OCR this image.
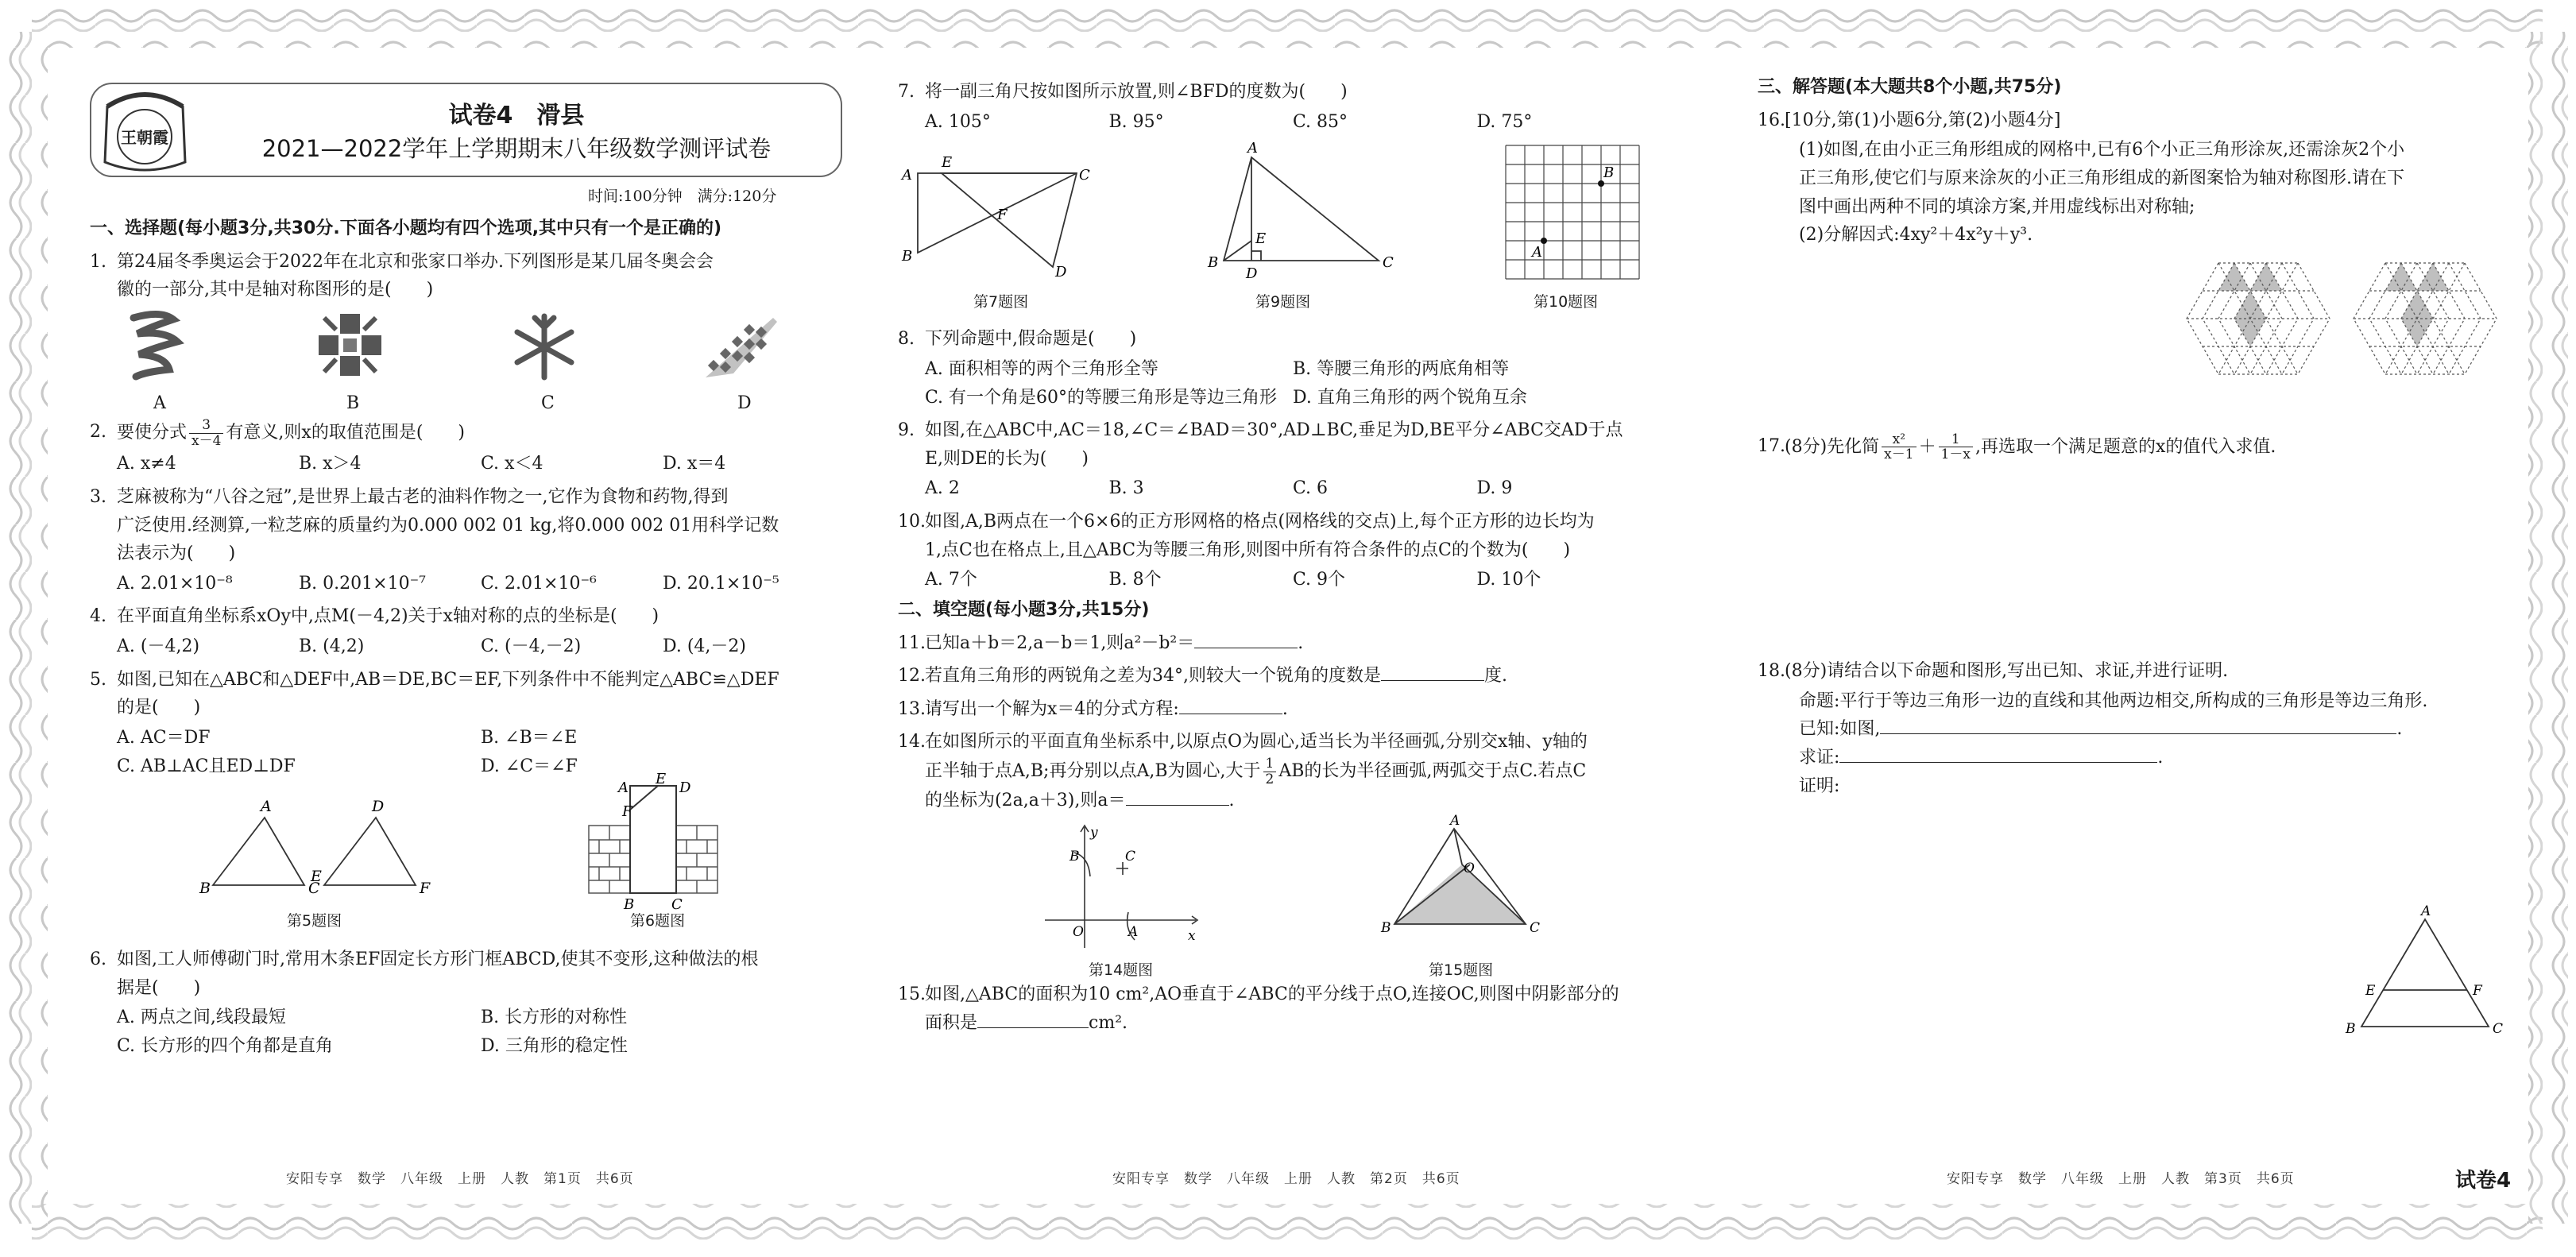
王朝霞
试卷4　滑县
2021—2022学年上学期期末八年级数学测评试卷
时间:100分钟　满分:120分

一、选择题(每小题3分,共30分.下面各小题均有四个选项,其中只有一个是正确的)

1. 第24届冬季奥运会于2022年在北京和张家口举办.下列图形是某几届冬奥会会

徽的一部分,其中是轴对称图形的是(　　)

A	B	C	D
2. 要使分式 $\frac{3}{x-4}$ 有意义,则x的取值范围是(　　)

A. x≠4	B. x＞4	C. x＜4	D. x＝4
3. 芝麻被称为“八谷之冠”,是世界上最古老的油料作物之一,它作为食物和药物,得到

广泛使用.经测算,一粒芝麻的质量约为0.000 002 01 kg,将0.000 002 01用科学记数

法表示为(　　)

A. 2.01×10⁻⁸	B. 0.201×10⁻⁷	C. 2.01×10⁻⁶	D. 20.1×10⁻⁵
4. 在平面直角坐标系xOy中,点M(－4,2)关于x轴对称的点的坐标是(　　)

A. (－4,2)	B. (4,2)	C. (－4,－2)	D. (4,－2)
5. 如图,已知在△ABC和△DEF中,AB＝DE,BC＝EF,下列条件中不能判定△ABC≌△DEF

的是(　　)

A. AC＝DF	B. ∠B＝∠E
C. AB⊥AC且ED⊥DF	D. ∠C＝∠F
A
B	C
D
E
F
第5题图
F
E
A	D
B	C
第6题图
6. 如图,工人师傅砌门时,常用木条EF固定长方形门框ABCD,使其不变形,这种做法的根

据是(　　)

A. 两点之间,线段最短	B. 长方形的对称性
C. 长方形的四个角都是直角	D. 三角形的稳定性
7. 将一副三角尺按如图所示放置,则∠BFD的度数为(　　)

A. 105°	B. 95°	C. 85°	D. 75°
A
E
C
F
B
D
第7题图
A
E
B
D
C
第9题图
B
A
第10题图
8. 下列命题中,假命题是(　　)

A. 面积相等的两个三角形全等	B. 等腰三角形的两底角相等
C. 有一个角是60°的等腰三角形是等边三角形 D. 直角三角形的两个锐角互余
9. 如图,在△ABC中,AC＝18,∠C＝∠BAD＝30°,AD⊥BC,垂足为D,BE平分∠ABC交AD于点

E,则DE的长为(　　)

A. 2	B. 3	C. 6	D. 9
10. 如图,A,B两点在一个6×6的正方形网格的格点(网格线的交点)上,每个正方形的边长均为

1,点C也在格点上,且△ABC为等腰三角形,则图中所有符合条件的点C的个数为(　　)

A. 7个	B. 8个	C. 9个	D. 10个

二、填空题(每小题3分,共15分)

11. 已知a＋b＝2,a－b＝1,则a²－b²＝	.

12. 若直角三角形的两锐角之差为34°,则较大一个锐角的度数是	度.

13. 请写出一个解为x＝4的分式方程:	.

14. 在如图所示的平面直角坐标系中,以原点O为圆心,适当长为半径画弧,分别交x轴、y轴的

正半轴于点A,B;再分别以点A,B为圆心,大于 $\frac{1}{2}$ AB的长为半径画弧,两弧交于点C.若点C

的坐标为(2a,a＋3),则a＝	.

y
x
O
B
A
C
第14题图
A
O
B	C
第15题图
15. 如图,△ABC的面积为10 cm²,AO垂直于∠ABC的平分线于点O,连接OC,则图中阴影部分的

面积是	cm².

三、解答题(本大题共8个小题,共75分)

16. [10分,第(1)小题6分,第(2)小题4分]

(1)如图,在由小正三角形组成的网格中,已有6个小正三角形涂灰,还需涂灰2个小

正三角形,使它们与原来涂灰的小正三角形组成的新图案恰为轴对称图形.请在下

图中画出两种不同的填涂方案,并用虚线标出对称轴;

(2)分解因式:4xy²＋4x²y＋y³.

17. (8分)先化简 $\frac{\text{x²}}{x-1} + \frac{1}{1-x}$ ,再选取一个满足题意的x的值代入求值.

18. (8分)请结合以下命题和图形,写出已知、求证,并进行证明.

命题:平行于等边三角形一边的直线和其他两边相交,所构成的三角形是等边三角形.

已知:如图,	.

求证:	.

证明:

A
E	F
B	C
安阳专享　数学　八年级　上册　人教　第1页　共6页	安阳专享　数学　八年级　上册　人教　第2页　共6页	安阳专享　数学　八年级　上册　人教　第3页　共6页	试卷4
